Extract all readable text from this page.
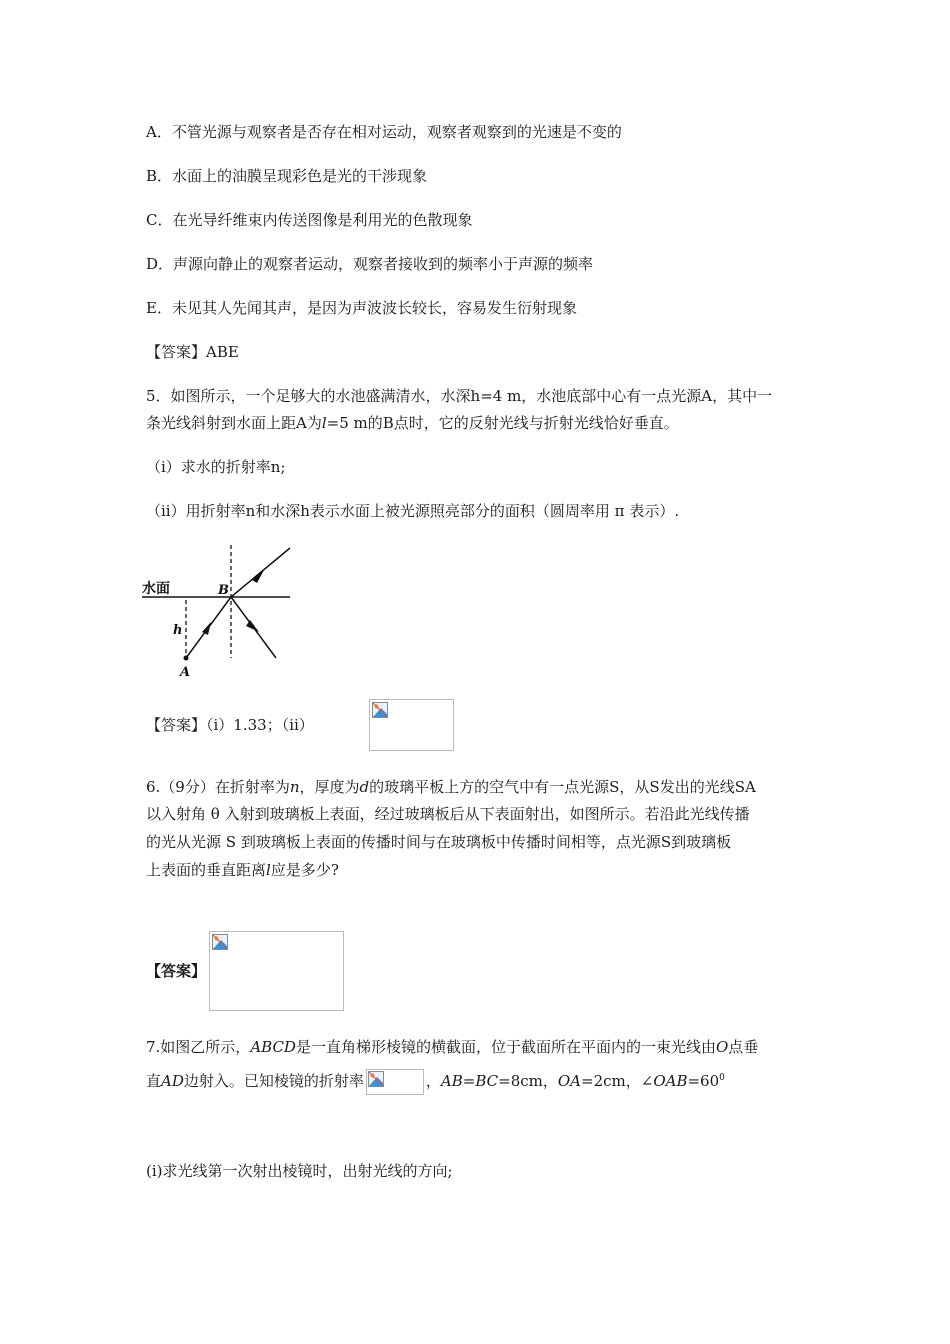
A．不管光源与观察者是否存在相对运动，观察者观察到的光速是不变的
B．水面上的油膜呈现彩色是光的干涉现象
C．在光导纤维束内传送图像是利用光的色散现象
D．声源向静止的观察者运动，观察者接收到的频率小于声源的频率
E．未见其人先闻其声，是因为声波波长较长，容易发生衍射现象
【答案】ABE
5．如图所示，一个足够大的水池盛满清水，水深h=4 m，水池底部中心有一点光源A，其中一
条光线斜射到水面上距A为l=5 m的B点时，它的反射光线与折射光线恰好垂直。
（i）求水的折射率n;
（ii）用折射率n和水深h表示水面上被光源照亮部分的面积（圆周率用 π 表示）.
水面	B
h
A
【答案】（ⅰ）1.33；（ⅱ）
6.（9分）在折射率为n，厚度为d的玻璃平板上方的空气中有一点光源S，从S发出的光线SA
以入射角 θ 入射到玻璃板上表面，经过玻璃板后从下表面射出，如图所示。若沿此光线传播
的光从光源 S 到玻璃板上表面的传播时间与在玻璃板中传播时间相等，点光源S到玻璃板
上表面的垂直距离l应是多少?
【答案】
7.如图乙所示，ABCD是一直角梯形棱镜的横截面，位于截面所在平面内的一束光线由O点垂
直AD边射入。已知棱镜的折射率	，AB=BC=8cm，OA=2cm，$\angle OAB=60^0$
(i)求光线第一次射出棱镜时，出射光线的方向;
